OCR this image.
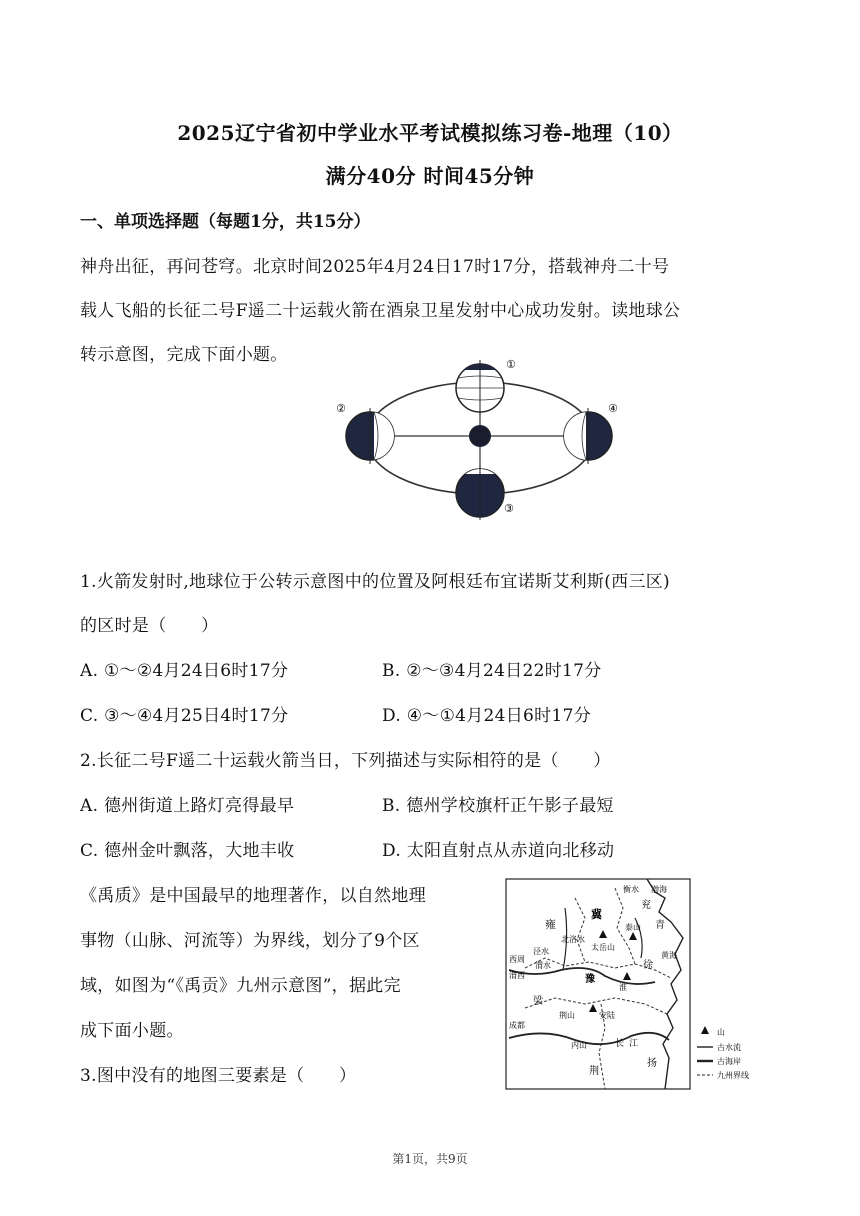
2025辽宁省初中学业水平考试模拟练习卷-地理（10）
满分40分 时间45分钟
一、单项选择题（每题1分，共15分）
神舟出征，再问苍穹。北京时间2025年4月24日17时17分，搭载神舟二十号
载人飞船的长征二号F遥二十运载火箭在酒泉卫星发射中心成功发射。读地球公
转示意图，完成下面小题。	①
②
③
④
1.火箭发射时,地球位于公转示意图中的位置及阿根廷布宜诺斯艾利斯(西三区)
的区时是（　　）
A. ①～②4月24日6时17分	B. ②～③4月24日22时17分
C. ③～④4月25日4时17分	D. ④～①4月24日6时17分
2.长征二号F遥二十运载火箭当日，下列描述与实际相符的是（　　）
A. 德州街道上路灯亮得最早	B. 德州学校旗杆正午影子最短
C. 德州金叶飘落，大地丰收	D. 太阳直射点从赤道向北移动
《禹质》是中国最早的地理著作，以自然地理
事物（山脉、河流等）为界线，划分了9个区
域，如图为“《禹贡》九州示意图”，据此完
成下面小题。
3.图中没有的地图三要素是（　　）
雍
冀
衡水 渤海
兖
青
泾水
北洛水
太岳山
泰山
黄海
渭水	徐
西周
渭西	豫
淮
梁
荆山	安陆
成都
内山	长 江
扬
荆
山
古水流
古海岸
九州界线
第1页，共9页
